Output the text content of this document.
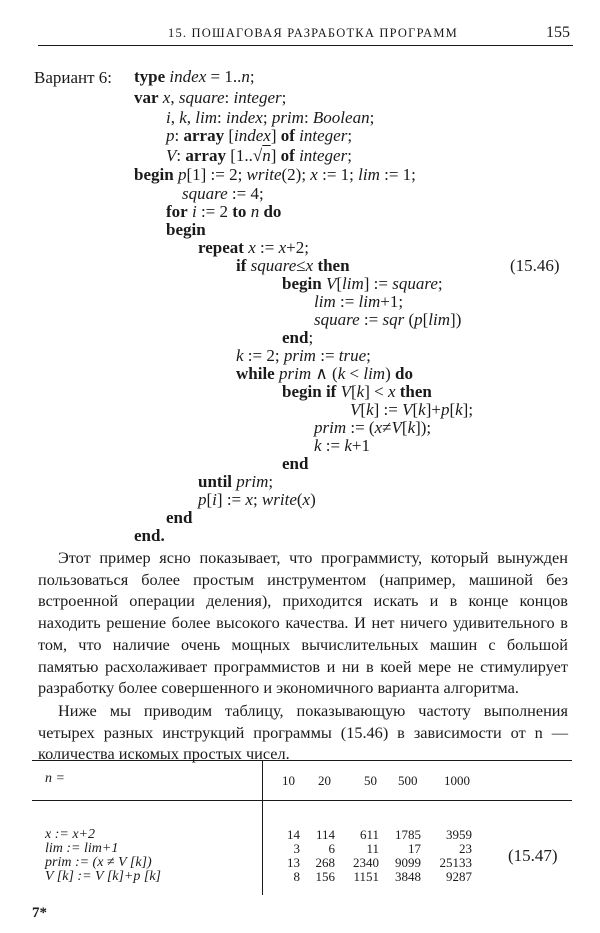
15. ПОШАГОВАЯ РАЗРАБОТКА ПРОГРАММ	155
Вариант 6: type index = 1..n;
var x, square: integer;
i, k, lim: index; prim: Boolean;
p: array [index] of integer;
V: array [1..√n] of integer;
begin p[1] := 2; write(2); x := 1; lim := 1;
square := 4;
for i := 2 to n do
begin
repeat x := x+2;
if square≤x then
begin V[lim] := square;
lim := lim+1;
square := sqr (p[lim])
end;
k := 2; prim := true;
while prim ∧ (k < lim) do
begin if V[k] < x then
V[k] := V[k]+p[k];
prim := (x≠V[k]);
k := k+1
end
until prim;
p[i] := x; write(x)
end
end.
(15.46)

Этот пример ясно показывает, что программисту, который вынужден пользоваться более простым инструментом (например, машиной без встроенной операции деления), приходится искать и в конце концов находить решение более высокого качества. И нет ничего удивительного в том, что наличие очень мощных вычислительных машин с большой памятью расхолаживает программистов и ни в коей мере не стимулирует разработку более совершенного и экономичного варианта алгоритма.

Ниже мы приводим таблицу, показывающую частоту выполнения четырех разных инструкций программы (15.46) в зависимости от n — количества искомых простых чисел.

n =	10 20	50 500 1000
x := x+2	14	114	611	1785	3959
lim := lim+1	3	6	11	17	23
prim := (x ≠ V [k])	13	268	2340	9099	25133
V [k] := V [k]+p [k]	8	156	1151	3848	9287
(15.47)
7*
